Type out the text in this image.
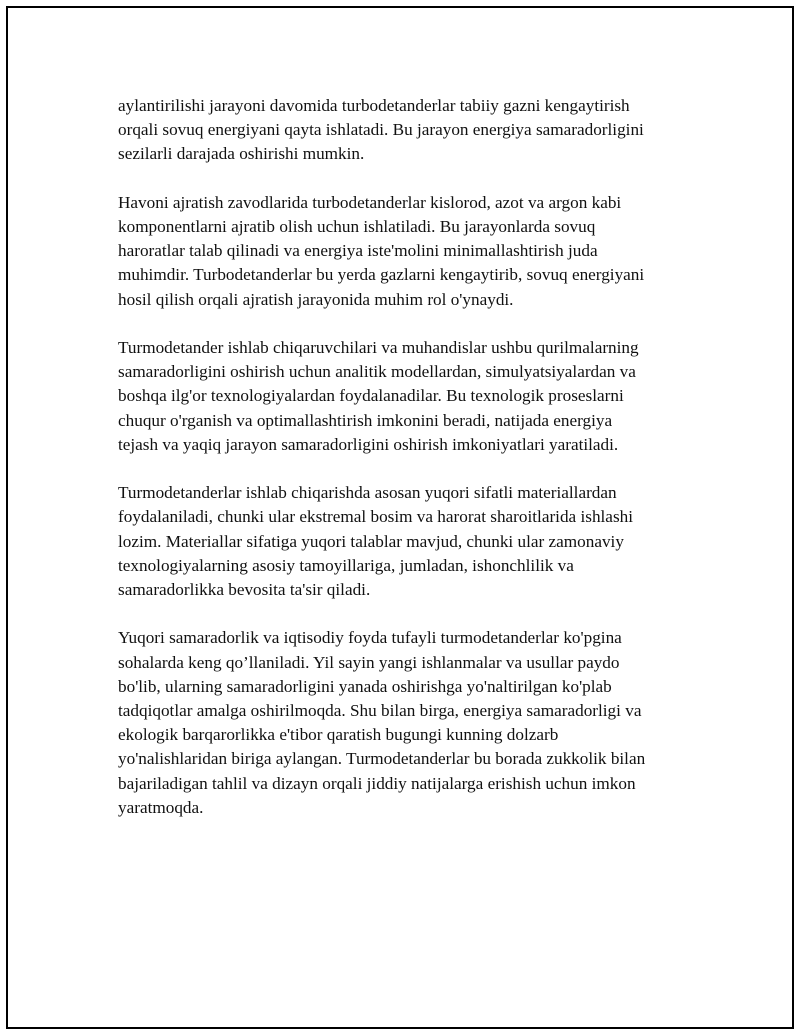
aylantirilishi jarayoni davomida turbodetanderlar tabiiy gazni kengaytirish
orqali sovuq energiyani qayta ishlatadi. Bu jarayon energiya samaradorligini
sezilarli darajada oshirishi mumkin.

Havoni ajratish zavodlarida turbodetanderlar kislorod, azot va argon kabi
komponentlarni ajratib olish uchun ishlatiladi. Bu jarayonlarda sovuq
haroratlar talab qilinadi va energiya iste'molini minimallashtirish juda
muhimdir. Turbodetanderlar bu yerda gazlarni kengaytirib, sovuq energiyani
hosil qilish orqali ajratish jarayonida muhim rol o'ynaydi.

Turmodetander ishlab chiqaruvchilari va muhandislar ushbu qurilmalarning
samaradorligini oshirish uchun analitik modellardan, simulyatsiyalardan va
boshqa ilg'or texnologiyalardan foydalanadilar. Bu texnologik proseslarni
chuqur o'rganish va optimallashtirish imkonini beradi, natijada energiya
tejash va yaqiq jarayon samaradorligini oshirish imkoniyatlari yaratiladi.

Turmodetanderlar ishlab chiqarishda asosan yuqori sifatli materiallardan
foydalaniladi, chunki ular ekstremal bosim va harorat sharoitlarida ishlashi
lozim. Materiallar sifatiga yuqori talablar mavjud, chunki ular zamonaviy
texnologiyalarning asosiy tamoyillariga, jumladan, ishonchlilik va
samaradorlikka bevosita ta'sir qiladi.

Yuqori samaradorlik va iqtisodiy foyda tufayli turmodetanderlar ko'pgina
sohalarda keng qo’llaniladi. Yil sayin yangi ishlanmalar va usullar paydo
bo'lib, ularning samaradorligini yanada oshirishga yo'naltirilgan ko'plab
tadqiqotlar amalga oshirilmoqda. Shu bilan birga, energiya samaradorligi va
ekologik barqarorlikka e'tibor qaratish bugungi kunning dolzarb
yo'nalishlaridan biriga aylangan. Turmodetanderlar bu borada zukkolik bilan
bajariladigan tahlil va dizayn orqali jiddiy natijalarga erishish uchun imkon
yaratmoqda.
